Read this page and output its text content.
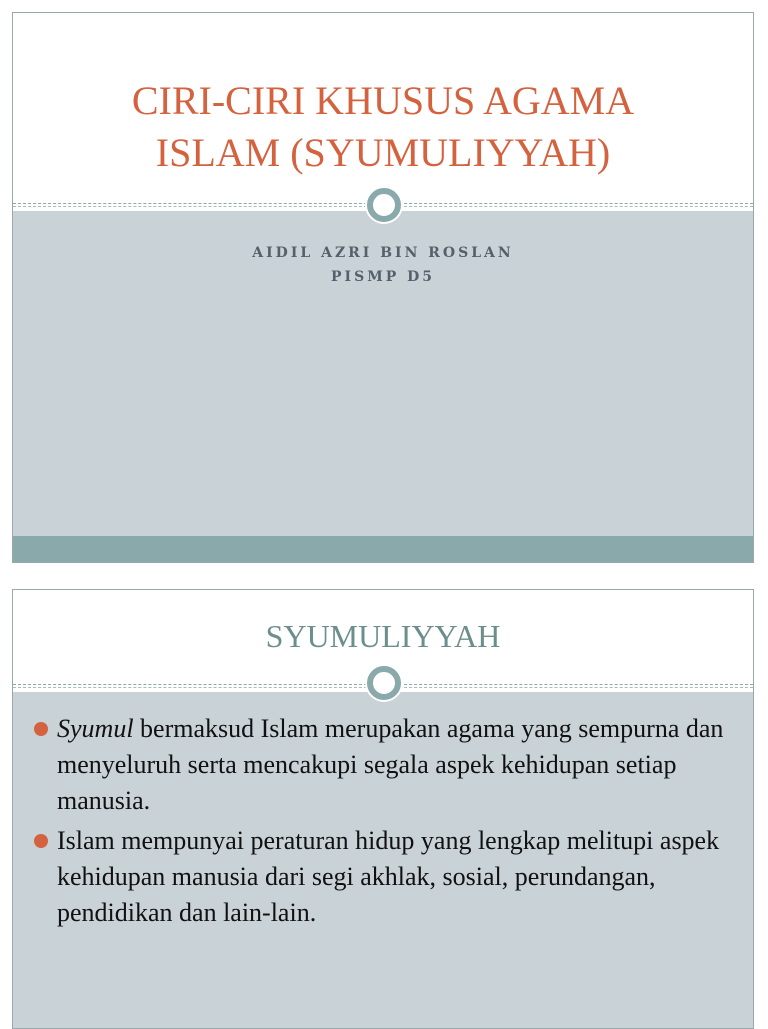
CIRI-CIRI KHUSUS AGAMA
ISLAM (SYUMULIYYAH)
AIDIL AZRI BIN ROSLAN
PISMP D5
SYUMULIYYAH
Syumul bermaksud Islam merupakan agama yang sempurna dan menyeluruh serta mencakupi segala aspek kehidupan setiap manusia.
Islam mempunyai peraturan hidup yang lengkap melitupi aspek kehidupan manusia dari segi akhlak, sosial, perundangan, pendidikan dan lain-lain.
